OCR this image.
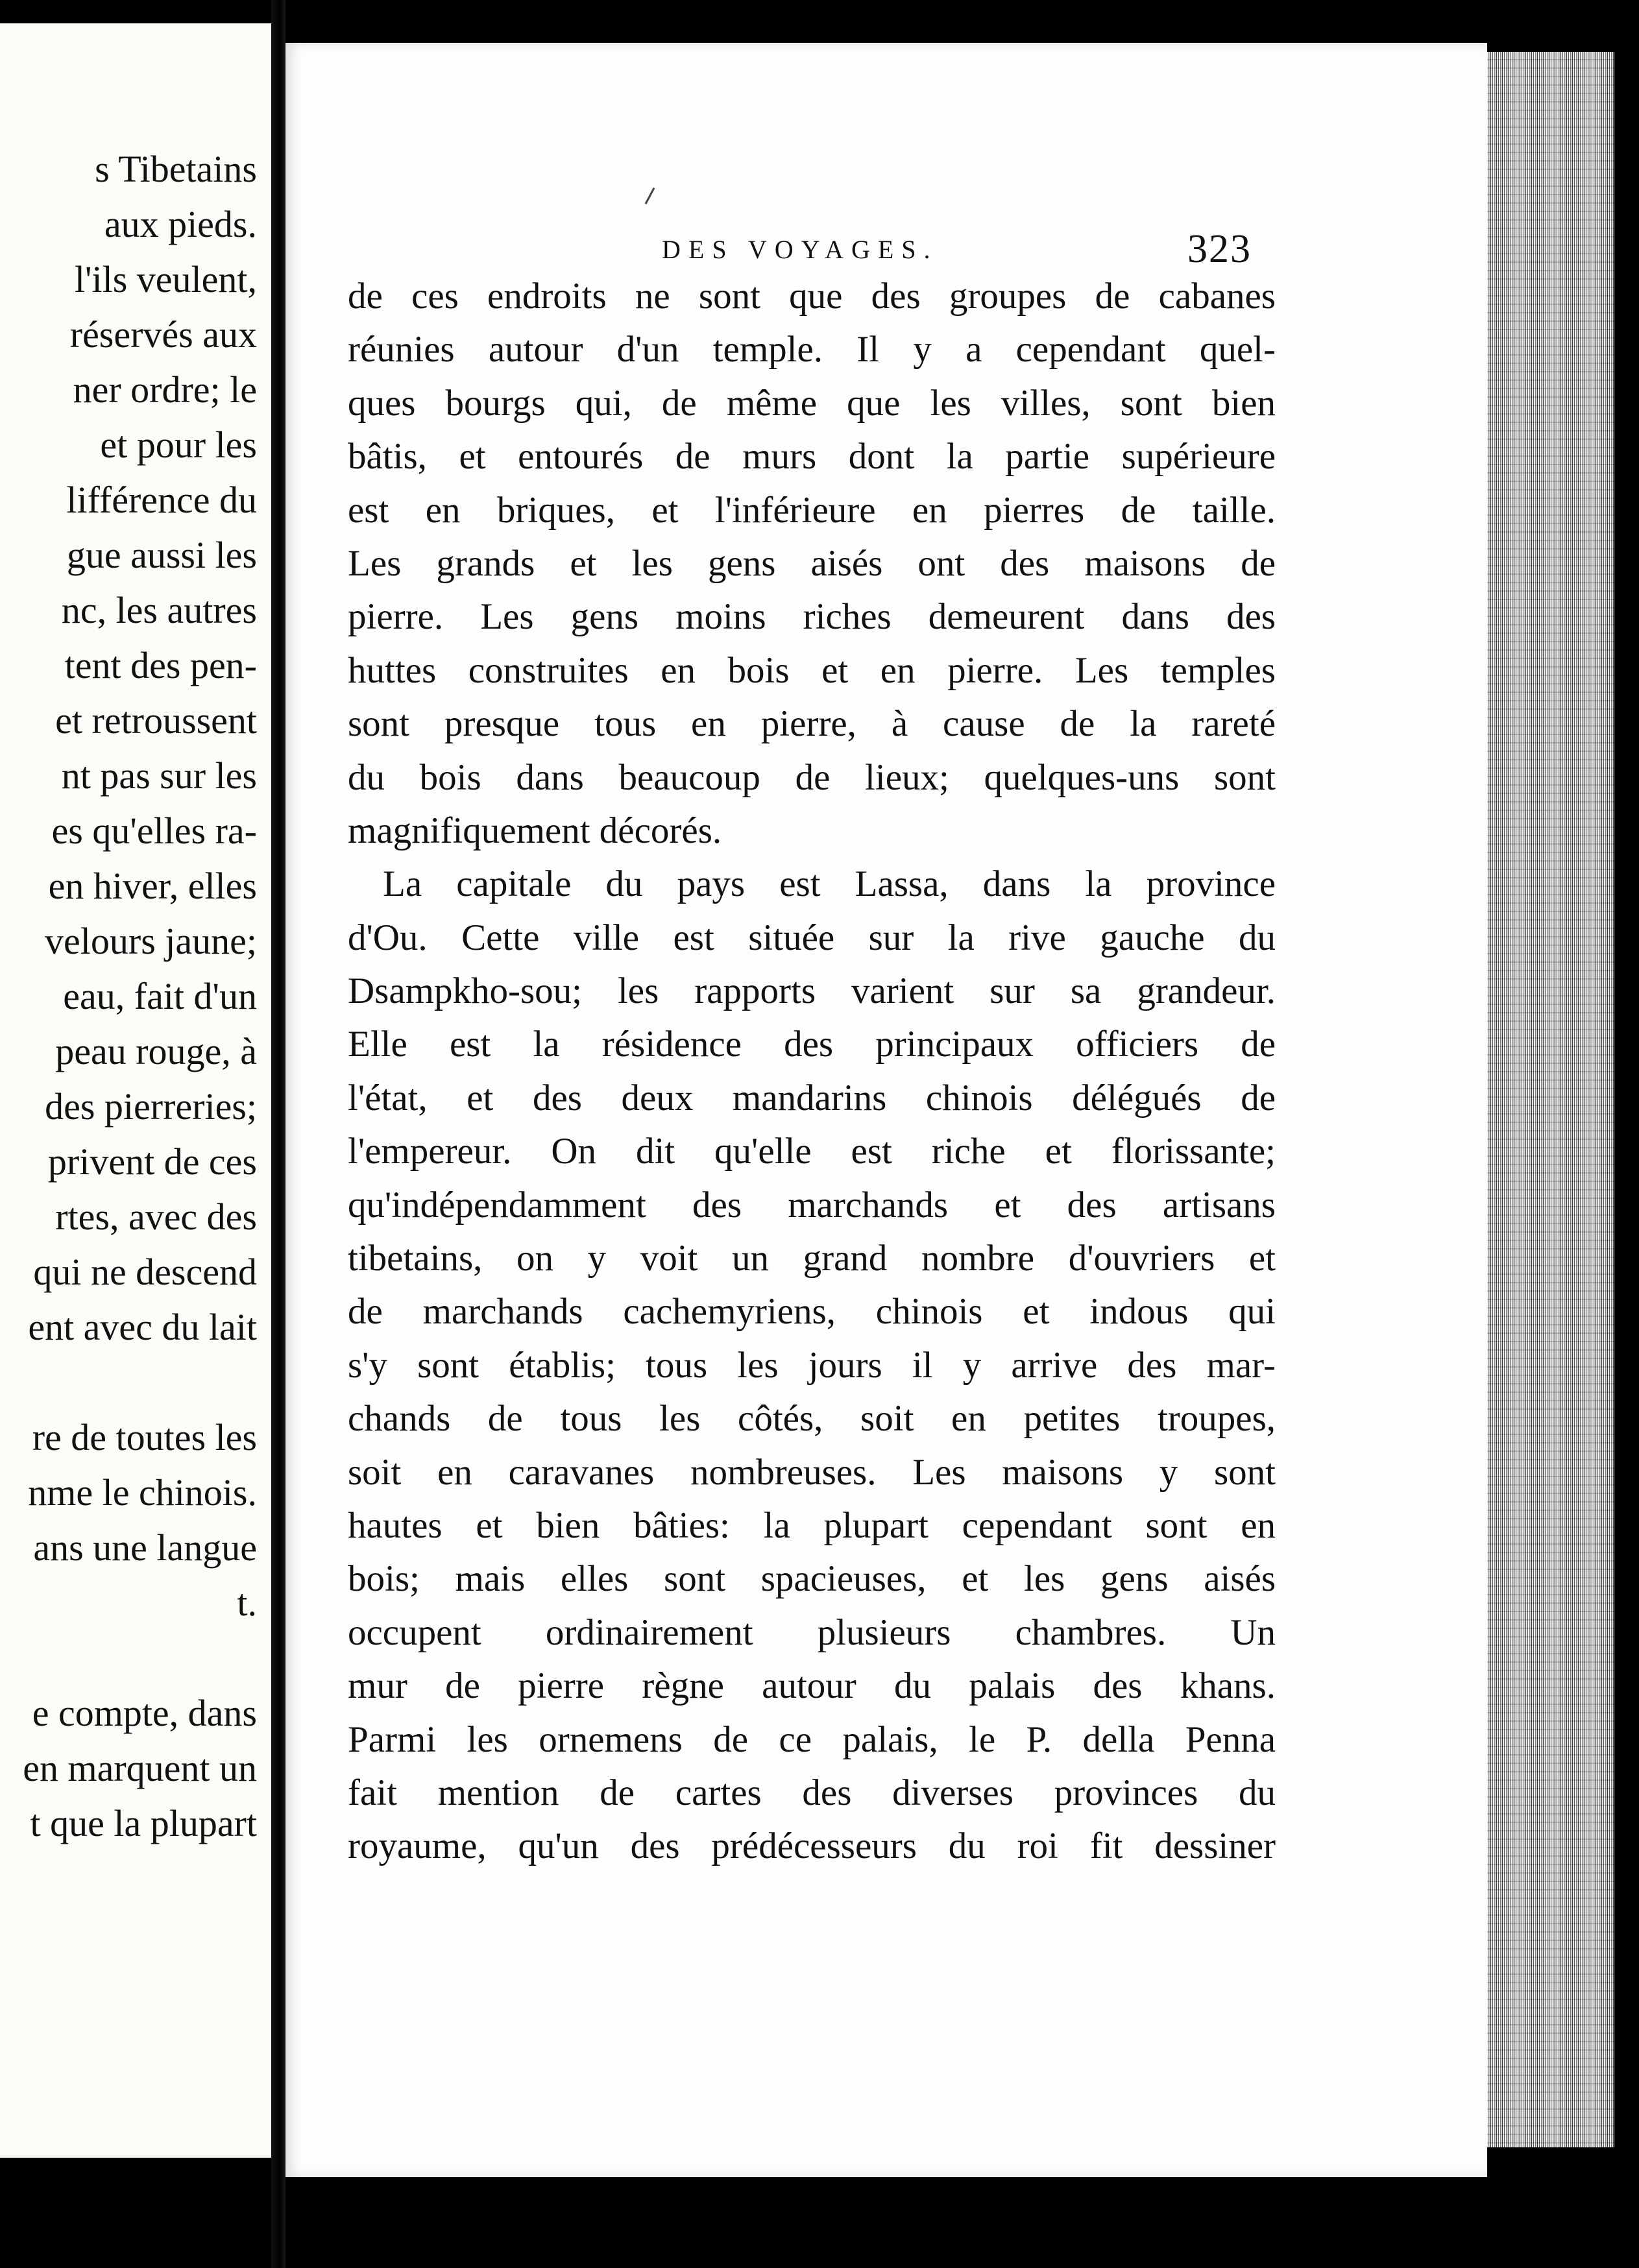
s Tibetains
aux pieds.
l'ils veulent,
réservés aux
ner ordre; le
et pour les
lifférence du
gue aussi les
nc, les autres
tent des pen-
et retroussent
nt pas sur les
es qu'elles ra-
en hiver, elles
velours jaune;
eau, fait d'un
peau rouge, à
des pierreries;
privent de ces
rtes, avec des
qui ne descend
ent avec du lait
re de toutes les
nme le chinois.
ans une langue
t.
e compte, dans
en marquent un
t que la plupart
DES VOYAGES.	323
de ces endroits ne sont que des groupes de cabanes
réunies autour d'un temple. Il y a cependant quel-
ques bourgs qui, de même que les villes, sont bien
bâtis, et entourés de murs dont la partie supérieure
est en briques, et l'inférieure en pierres de taille.
Les grands et les gens aisés ont des maisons de
pierre. Les gens moins riches demeurent dans des
huttes construites en bois et en pierre. Les temples
sont presque tous en pierre, à cause de la rareté
du bois dans beaucoup de lieux; quelques-uns sont
magnifiquement décorés.
La capitale du pays est Lassa, dans la province
d'Ou. Cette ville est située sur la rive gauche du
Dsampkho-sou; les rapports varient sur sa grandeur.
Elle est la résidence des principaux officiers de
l'état, et des deux mandarins chinois délégués de
l'empereur. On dit qu'elle est riche et florissante;
qu'indépendamment des marchands et des artisans
tibetains, on y voit un grand nombre d'ouvriers et
de marchands cachemyriens, chinois et indous qui
s'y sont établis; tous les jours il y arrive des mar-
chands de tous les côtés, soit en petites troupes,
soit en caravanes nombreuses. Les maisons y sont
hautes et bien bâties: la plupart cependant sont en
bois; mais elles sont spacieuses, et les gens aisés
occupent ordinairement plusieurs chambres. Un
mur de pierre règne autour du palais des khans.
Parmi les ornemens de ce palais, le P. della Penna
fait mention de cartes des diverses provinces du
royaume, qu'un des prédécesseurs du roi fit dessiner
